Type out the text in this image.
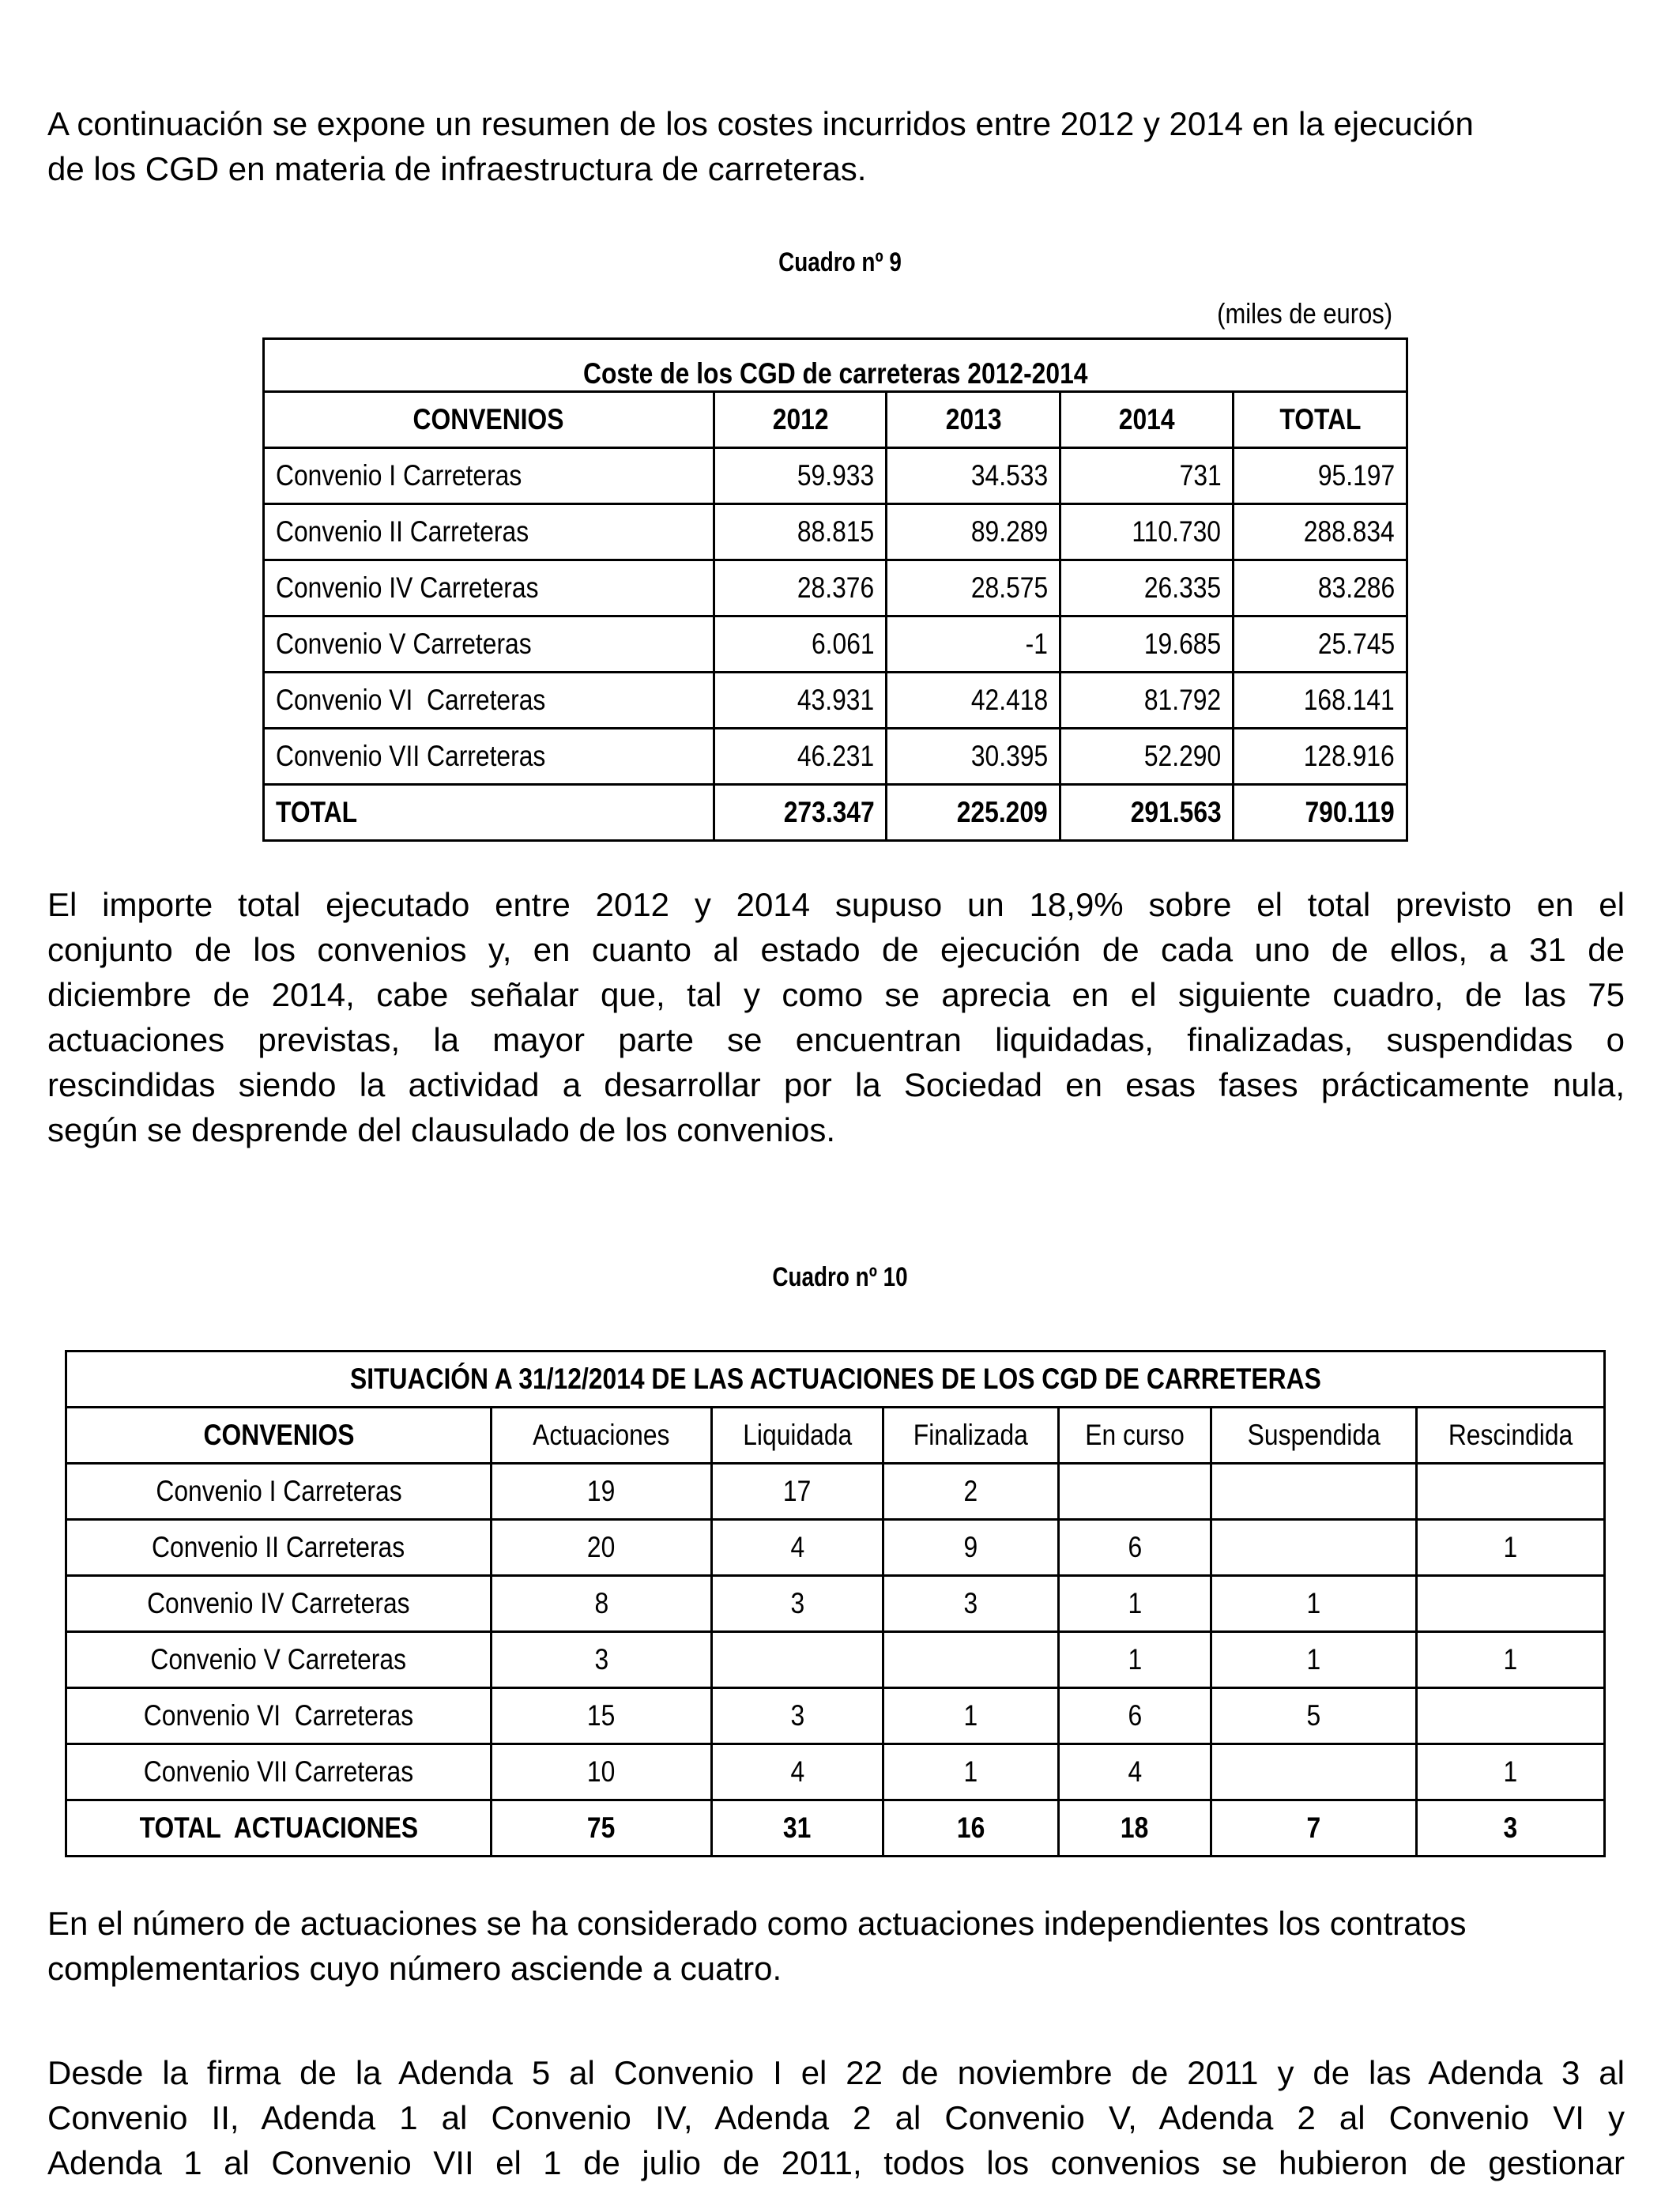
A continuación se expone un resumen de los costes incurridos entre 2012 y 2014 en la ejecución
de los CGD en materia de infraestructura de carreteras.
Cuadro nº 9
(miles de euros)
Coste de los CGD de carreteras 2012-2014				
CONVENIOS	2012	2013	2014	TOTAL
Convenio I Carreteras	59.933	34.533	731	95.197
Convenio II Carreteras	88.815	89.289	110.730	288.834
Convenio IV Carreteras	28.376	28.575	26.335	83.286
Convenio V Carreteras	6.061	-1	19.685	25.745
Convenio VI  Carreteras	43.931	42.418	81.792	168.141
Convenio VII Carreteras	46.231	30.395	52.290	128.916
TOTAL	273.347	225.209	291.563	790.119
El importe total ejecutado entre 2012 y 2014 supuso un 18,9% sobre el total previsto en el
conjunto de los convenios y, en cuanto al estado de ejecución de cada uno de ellos, a 31 de
diciembre de 2014, cabe señalar que, tal y como se aprecia en el siguiente cuadro, de las 75
actuaciones previstas, la mayor parte se encuentran liquidadas, finalizadas, suspendidas o
rescindidas siendo la actividad a desarrollar por la Sociedad en esas fases prácticamente nula,
según se desprende del clausulado de los convenios.
Cuadro nº 10
SITUACIÓN A 31/12/2014 DE LAS ACTUACIONES DE LOS CGD DE CARRETERAS						
CONVENIOS	Actuaciones	Liquidada	Finalizada	En curso	Suspendida	Rescindida
Convenio I Carreteras	19	17	2			
Convenio II Carreteras	20	4	9	6		1
Convenio IV Carreteras	8	3	3	1	1	
Convenio V Carreteras	3			1	1	1
Convenio VI  Carreteras	15	3	1	6	5	
Convenio VII Carreteras	10	4	1	4		1
TOTAL  ACTUACIONES	75	31	16	18	7	3
En el número de actuaciones se ha considerado como actuaciones independientes los contratos
complementarios cuyo número asciende a cuatro.
Desde la firma de la Adenda 5 al Convenio I el 22 de noviembre de 2011 y de las Adenda 3 al
Convenio II, Adenda 1 al Convenio IV, Adenda 2 al Convenio V, Adenda 2 al Convenio VI y
Adenda 1 al Convenio VII el 1 de julio de 2011, todos los convenios se hubieron de gestionar
